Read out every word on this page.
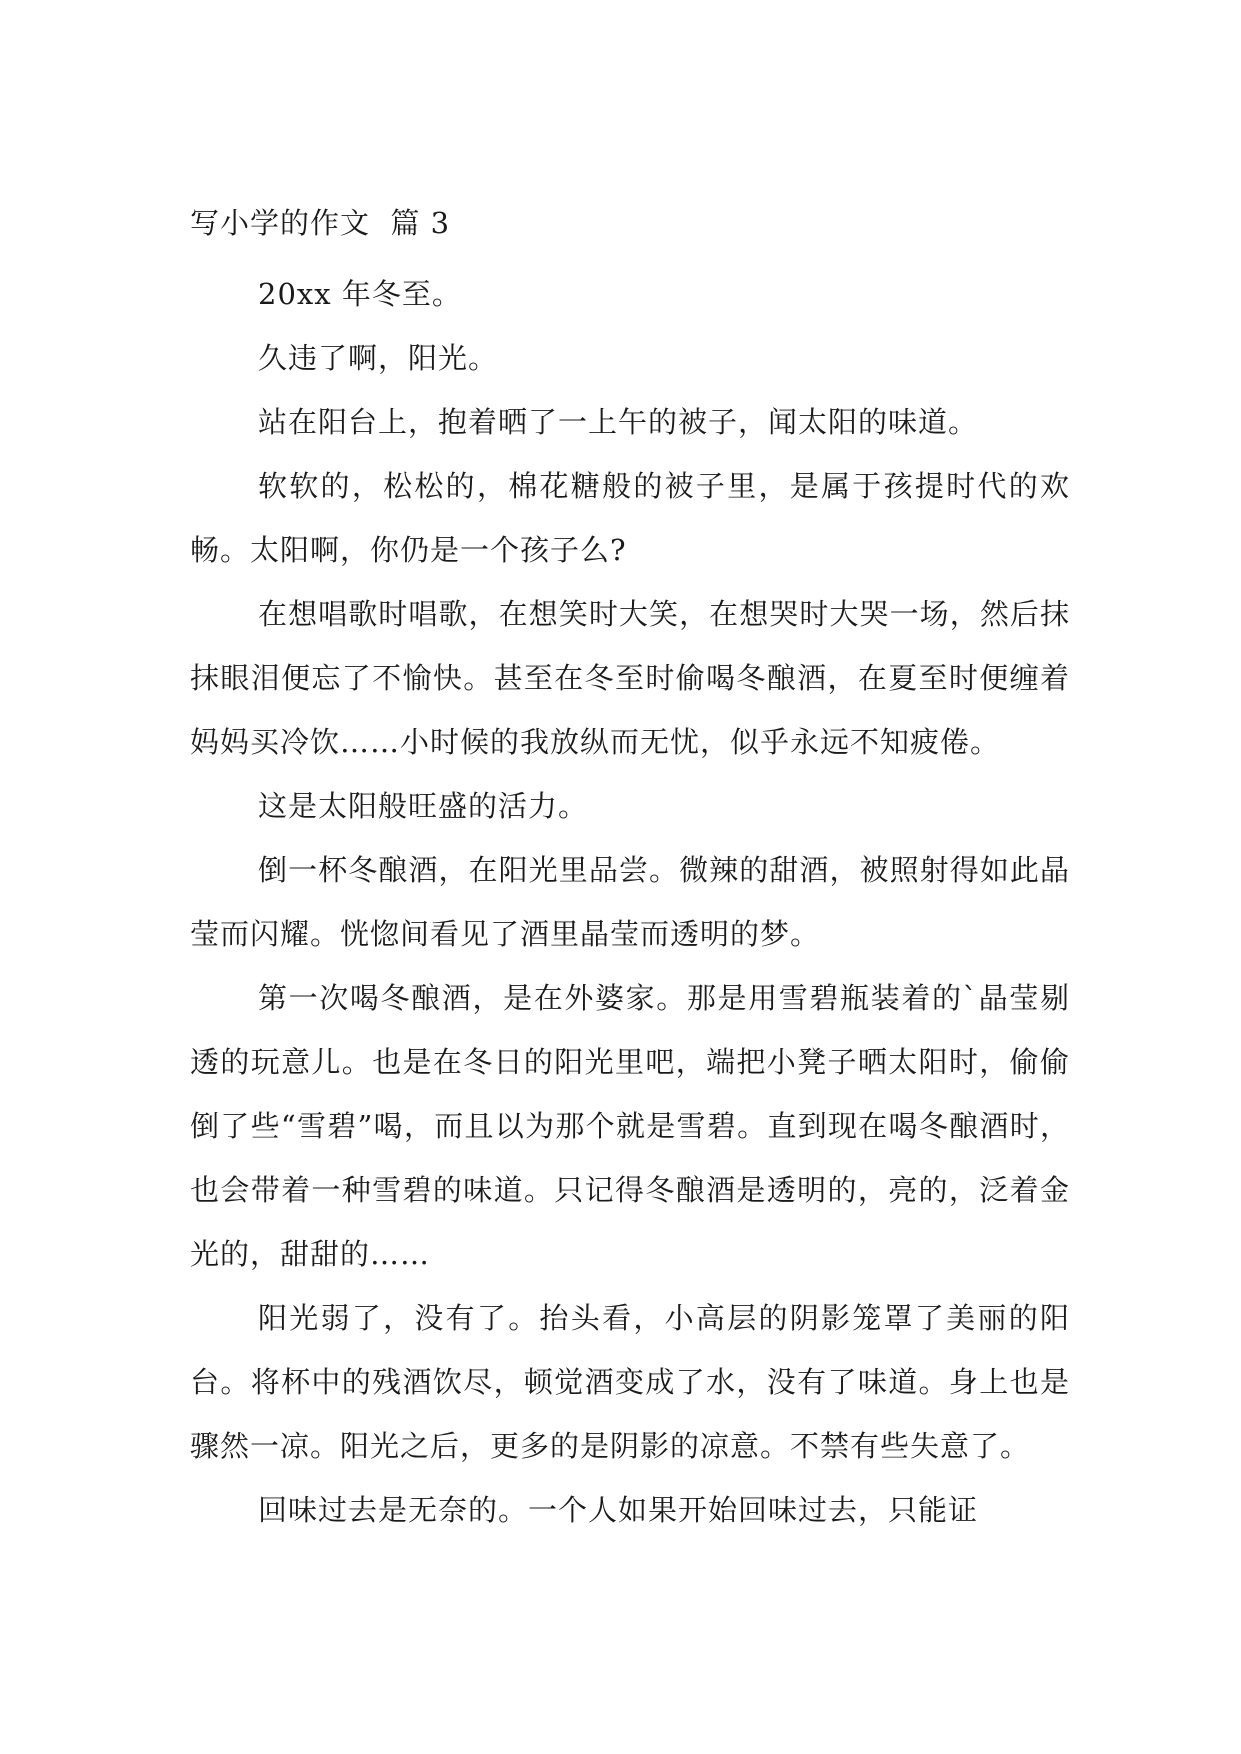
写小学的作文  篇 3

20xx 年冬至。

久违了啊，阳光。

站在阳台上，抱着晒了一上午的被子，闻太阳的味道。

软软的，松松的，棉花糖般的被子里，是属于孩提时代的欢畅。太阳啊，你仍是一个孩子么?

在想唱歌时唱歌，在想笑时大笑，在想哭时大哭一场，然后抹抹眼泪便忘了不愉快。甚至在冬至时偷喝冬酿酒，在夏至时便缠着妈妈买冷饮……小时候的我放纵而无忧，似乎永远不知疲倦。

这是太阳般旺盛的活力。

倒一杯冬酿酒，在阳光里品尝。微辣的甜酒，被照射得如此晶莹而闪耀。恍惚间看见了酒里晶莹而透明的梦。

第一次喝冬酿酒，是在外婆家。那是用雪碧瓶装着的`晶莹剔透的玩意儿。也是在冬日的阳光里吧，端把小凳子晒太阳时，偷偷倒了些“雪碧”喝，而且以为那个就是雪碧。直到现在喝冬酿酒时，也会带着一种雪碧的味道。只记得冬酿酒是透明的，亮的，泛着金光的，甜甜的……

阳光弱了，没有了。抬头看，小高层的阴影笼罩了美丽的阳台。将杯中的残酒饮尽，顿觉酒变成了水，没有了味道。身上也是骤然一凉。阳光之后，更多的是阴影的凉意。不禁有些失意了。

回味过去是无奈的。一个人如果开始回味过去，只能证
